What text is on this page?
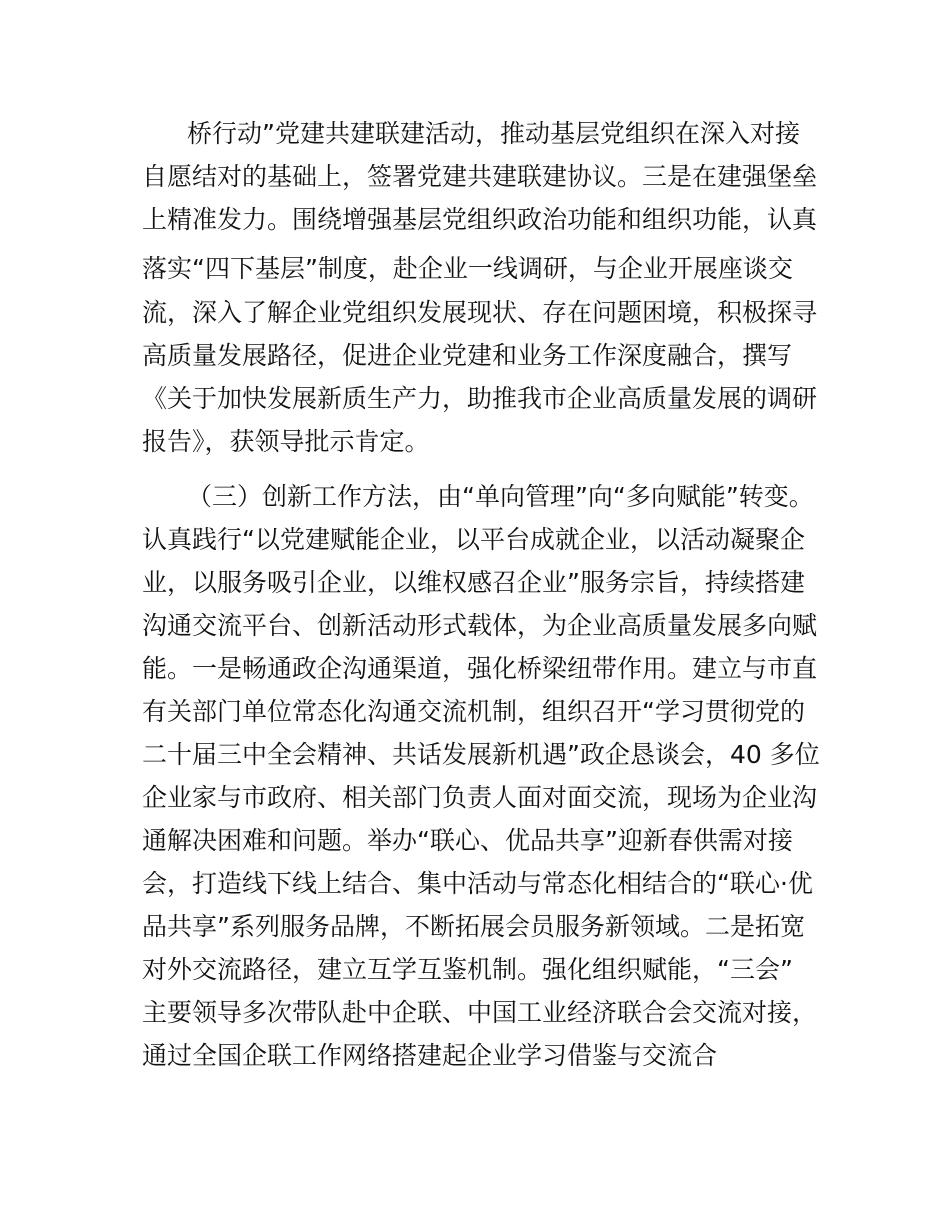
桥行动”党建共建联建活动，推动基层党组织在深入对接

自愿结对的基础上，签署党建共建联建协议。三是在建强堡垒

上精准发力。围绕增强基层党组织政治功能和组织功能，认真

落实“四下基层”制度，赴企业一线调研，与企业开展座谈交

流，深入了解企业党组织发展现状、存在问题困境，积极探寻

高质量发展路径，促进企业党建和业务工作深度融合，撰写

《关于加快发展新质生产力，助推我市企业高质量发展的调研

报告》，获领导批示肯定。

（三）创新工作方法，由“单向管理”向“多向赋能”转变。

认真践行“以党建赋能企业，以平台成就企业，以活动凝聚企

业，以服务吸引企业，以维权感召企业”服务宗旨，持续搭建

沟通交流平台、创新活动形式载体，为企业高质量发展多向赋

能。一是畅通政企沟通渠道，强化桥梁纽带作用。建立与市直

有关部门单位常态化沟通交流机制，组织召开“学习贯彻党的

二十届三中全会精神、共话发展新机遇”政企恳谈会，40 多位

企业家与市政府、相关部门负责人面对面交流，现场为企业沟

通解决困难和问题。举办“联心、优品共享”迎新春供需对接

会，打造线下线上结合、集中活动与常态化相结合的“联心·优

品共享”系列服务品牌，不断拓展会员服务新领域。二是拓宽

对外交流路径，建立互学互鉴机制。强化组织赋能，“三会”

主要领导多次带队赴中企联、中国工业经济联合会交流对接，

通过全国企联工作网络搭建起企业学习借鉴与交流合
